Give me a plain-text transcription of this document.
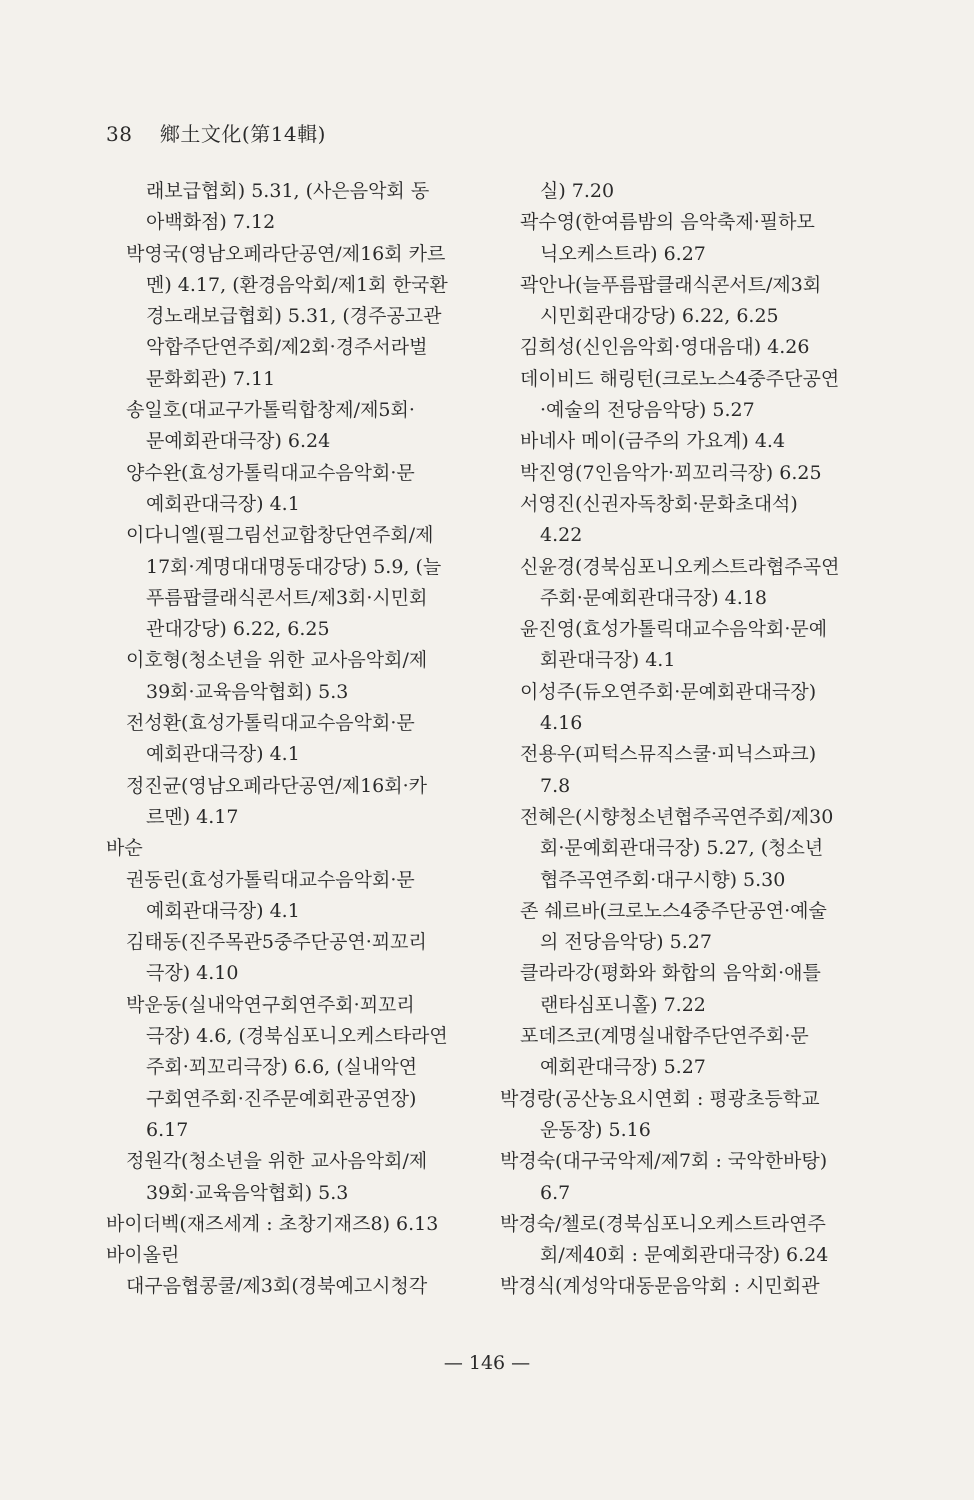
38 鄉土文化(第14輯)
래보급협회) 5.31, (사은음악회 동
아백화점) 7.12
박영국(영남오페라단공연/제16회 카르
멘) 4.17, (환경음악회/제1회 한국환
경노래보급협회) 5.31, (경주공고관
악합주단연주회/제2회·경주서라벌
문화회관) 7.11
송일호(대교구가톨릭합창제/제5회·
문예회관대극장) 6.24
양수완(효성가톨릭대교수음악회·문
예회관대극장) 4.1
이다니엘(필그림선교합창단연주회/제
17회·계명대대명동대강당) 5.9, (늘
푸름팝클래식콘서트/제3회·시민회
관대강당) 6.22, 6.25
이호형(청소년을 위한 교사음악회/제
39회·교육음악협회) 5.3
전성환(효성가톨릭대교수음악회·문
예회관대극장) 4.1
정진균(영남오페라단공연/제16회·카
르멘) 4.17
바순
권동린(효성가톨릭대교수음악회·문
예회관대극장) 4.1
김태동(진주목관5중주단공연·꾀꼬리
극장) 4.10
박운동(실내악연구회연주회·꾀꼬리
극장) 4.6, (경북심포니오케스타라연
주회·꾀꼬리극장) 6.6, (실내악연
구회연주회·진주문예회관공연장)
6.17
정원각(청소년을 위한 교사음악회/제
39회·교육음악협회) 5.3
바이더벡(재즈세계 : 초창기재즈8) 6.13
바이올린
대구음협콩쿨/제3회(경북예고시청각
실) 7.20
곽수영(한여름밤의 음악축제·필하모
닉오케스트라) 6.27
곽안나(늘푸름팝클래식콘서트/제3회
시민회관대강당) 6.22, 6.25
김희성(신인음악회·영대음대) 4.26
데이비드 해링턴(크로노스4중주단공연
·예술의 전당음악당) 5.27
바네사 메이(금주의 가요계) 4.4
박진영(7인음악가·꾀꼬리극장) 6.25
서영진(신권자독창회·문화초대석)
4.22
신윤경(경북심포니오케스트라협주곡연
주회·문예회관대극장) 4.18
윤진영(효성가톨릭대교수음악회·문예
회관대극장) 4.1
이성주(듀오연주회·문예회관대극장)
4.16
전용우(피턱스뮤직스쿨·피닉스파크)
7.8
전혜은(시향청소년협주곡연주회/제30
회·문예회관대극장) 5.27, (청소년
협주곡연주회·대구시향) 5.30
존 쉐르바(크로노스4중주단공연·예술
의 전당음악당) 5.27
클라라강(평화와 화합의 음악회·애틀
랜타심포니홀) 7.22
포데즈코(계명실내합주단연주회·문
예회관대극장) 5.27
박경랑(공산농요시연회 : 평광초등학교
운동장) 5.16
박경숙(대구국악제/제7회 : 국악한바탕)
6.7
박경숙/첼로(경북심포니오케스트라연주
회/제40회 : 문예회관대극장) 6.24
박경식(계성악대동문음악회 : 시민회관
— 146 —
